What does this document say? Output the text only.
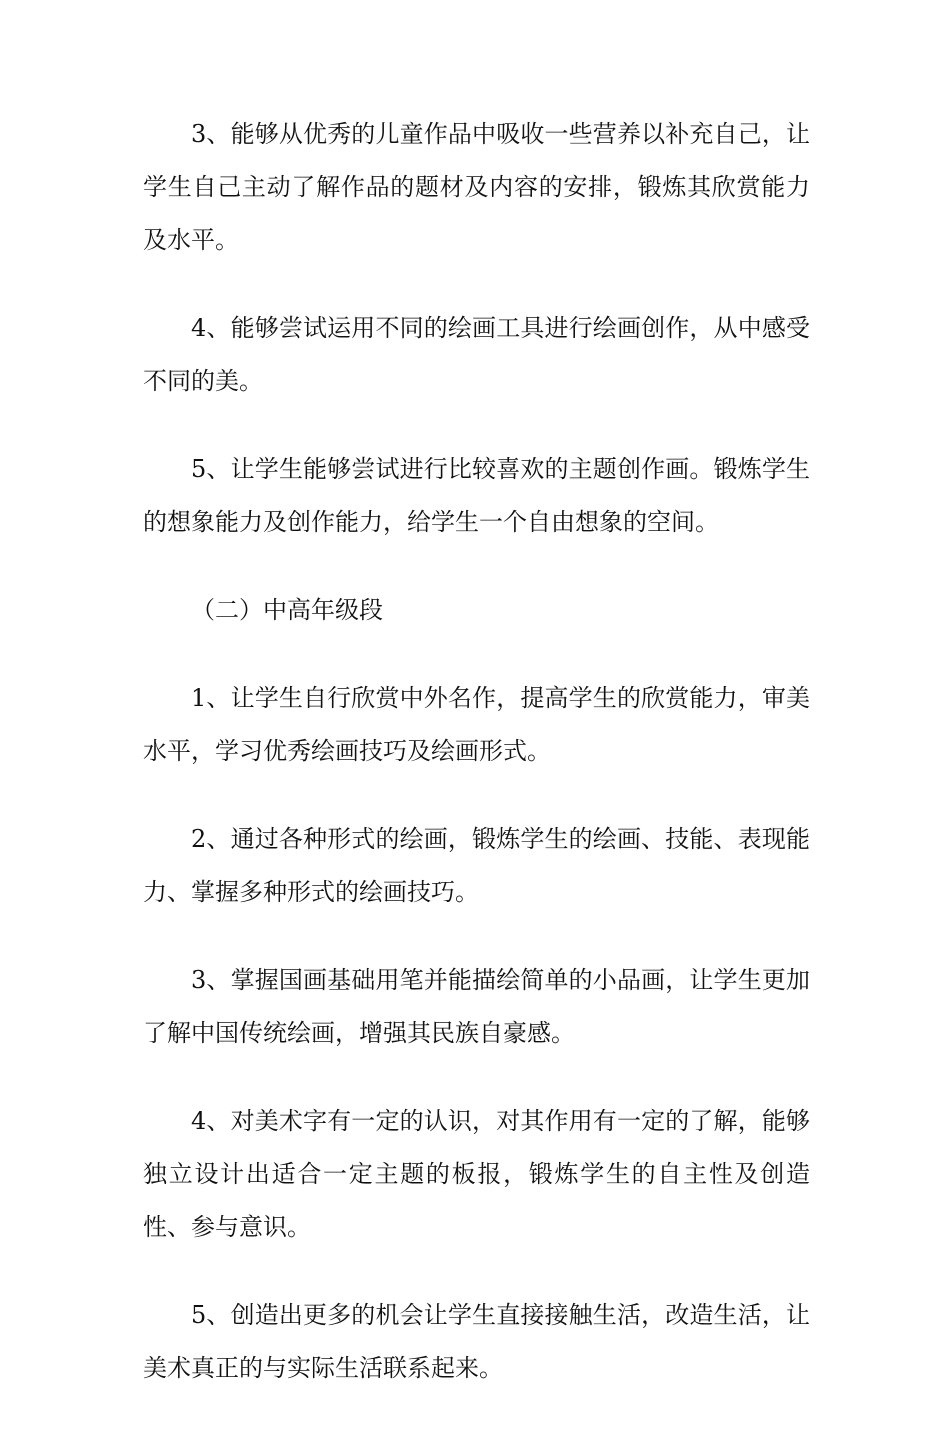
3、能够从优秀的儿童作品中吸收一些营养以补充自己，让学生自己主动了解作品的题材及内容的安排，锻炼其欣赏能力及水平。

4、能够尝试运用不同的绘画工具进行绘画创作，从中感受不同的美。

5、让学生能够尝试进行比较喜欢的主题创作画。锻炼学生的想象能力及创作能力，给学生一个自由想象的空间。

（二）中高年级段

1、让学生自行欣赏中外名作，提高学生的欣赏能力，审美水平，学习优秀绘画技巧及绘画形式。

2、通过各种形式的绘画，锻炼学生的绘画、技能、表现能力、掌握多种形式的绘画技巧。

3、掌握国画基础用笔并能描绘简单的小品画，让学生更加了解中国传统绘画，增强其民族自豪感。

4、对美术字有一定的认识，对其作用有一定的了解，能够独立设计出适合一定主题的板报，锻炼学生的自主性及创造性、参与意识。

5、创造出更多的机会让学生直接接触生活，改造生活，让美术真正的与实际生活联系起来。
